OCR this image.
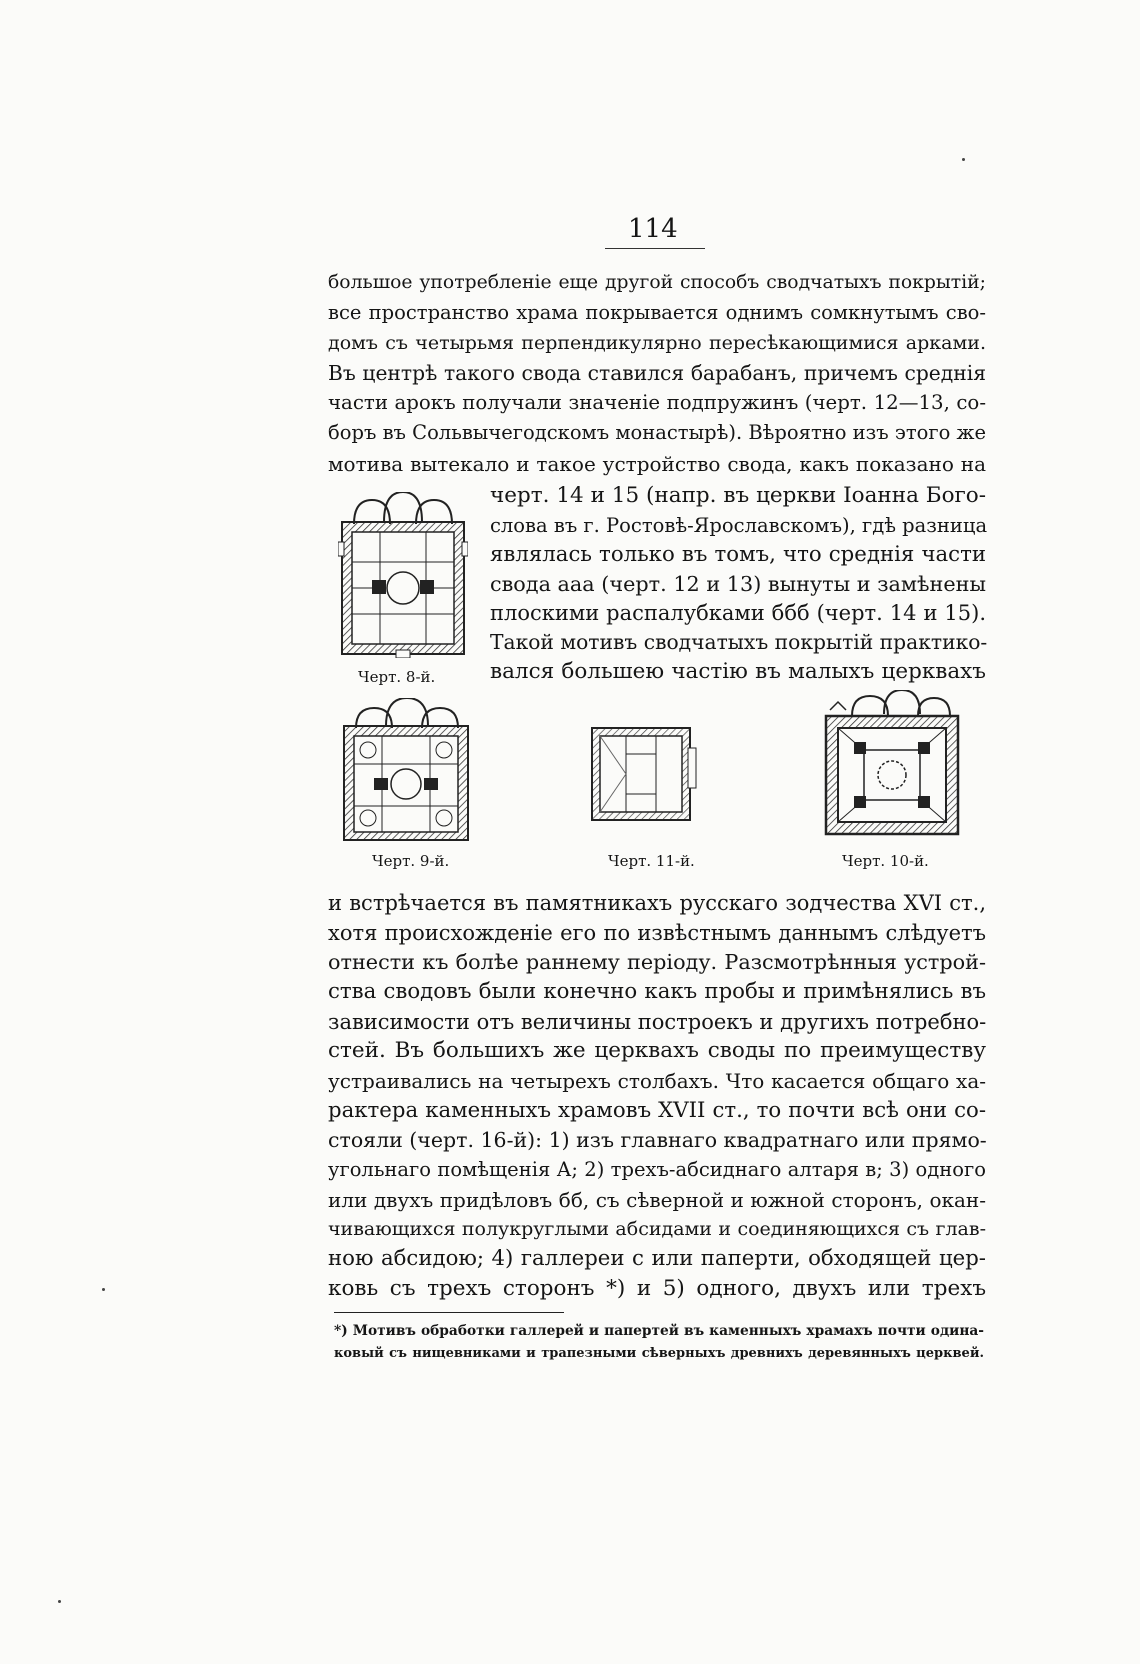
114
большое употребленіе еще другой способъ сводчатыхъ покрытій;
все пространство храма покрывается однимъ сомкнутымъ сво-
домъ съ четырьмя перпендикулярно пересѣкающимися арками.
Въ центрѣ такого свода ставился барабанъ, причемъ среднія
части арокъ получали значеніе подпружинъ (черт. 12—13, со-
боръ въ Сольвычегодскомъ монастырѣ). Вѣроятно изъ этого же
мотива вытекало и такое устройство свода, какъ показано на
черт. 14 и 15 (напр. въ церкви Іоанна Бого-
слова въ г. Ростовѣ-Ярославскомъ), гдѣ разница
являлась только въ томъ, что среднія части
свода ааа (черт. 12 и 13) вынуты и замѣнены
плоскими распалубками ббб (черт. 14 и 15).
Такой мотивъ сводчатыхъ покрытій практико-
вался большею частію въ малыхъ церквахъ
Черт. 8-й.
Черт. 9-й.	Черт. 11-й.	Черт. 10-й.
и встрѣчается въ памятникахъ русскаго зодчества XVI ст.,
хотя происхожденіе его по извѣстнымъ даннымъ слѣдуетъ
отнести къ болѣе раннему періоду. Разсмотрѣнныя устрой-
ства сводовъ были конечно какъ пробы и примѣнялись въ
зависимости отъ величины построекъ и другихъ потребно-
стей. Въ большихъ же церквахъ своды по преимуществу
устраивались на четырехъ столбахъ. Что касается общаго ха-
рактера каменныхъ храмовъ XVII ст., то почти всѣ они со-
стояли (черт. 16-й): 1) изъ главнаго квадратнаго или прямо-
угольнаго помѣщенія А; 2) трехъ-абсиднаго алтаря в; 3) одного
или двухъ придѣловъ бб, съ сѣверной и южной сторонъ, окан-
чивающихся полукруглыми абсидами и соединяющихся съ глав-
ною абсидою; 4) галлереи с или паперти, обходящей цер-
ковь съ трехъ сторонъ *) и 5) одного, двухъ или трехъ
*) Мотивъ обработки галлерей и папертей въ каменныхъ храмахъ почти одина-
ковый съ нищевниками и трапезными сѣверныхъ древнихъ деревянныхъ церквей.
